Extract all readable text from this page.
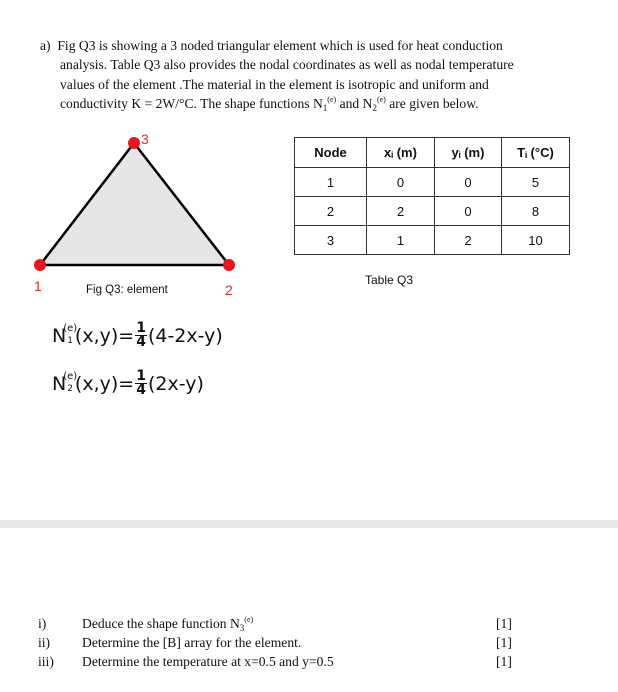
a) Fig Q3 is showing a 3 noded triangular element which is used for heat conduction
analysis. Table Q3 also provides the nodal coordinates as well as nodal temperature
values of the element .The material in the element is isotropic and uniform and
conductivity K = 2W/°C. The shape functions $N_1^{(e)}$ and $N_2^{(e)}$ are given below.
1	2
3
Fig Q3: element
Node	xᵢ (m)	yᵢ (m)	Tᵢ (°C)
1	0	0	5
2	2	0	8
3	1	2	10
Table Q3
N
(e)
1 $(x,y) = \frac{1}{4} (4-2x-y)$
N
(e)
2 $(x,y) = \frac{1}{4} (2x-y)$
i)	Deduce the shape function $N_3^{(e)}$	[1]
ii) Determine the [B] array for the element.	[1]
iii) Determine the temperature at x=0.5 and y=0.5	[1]
